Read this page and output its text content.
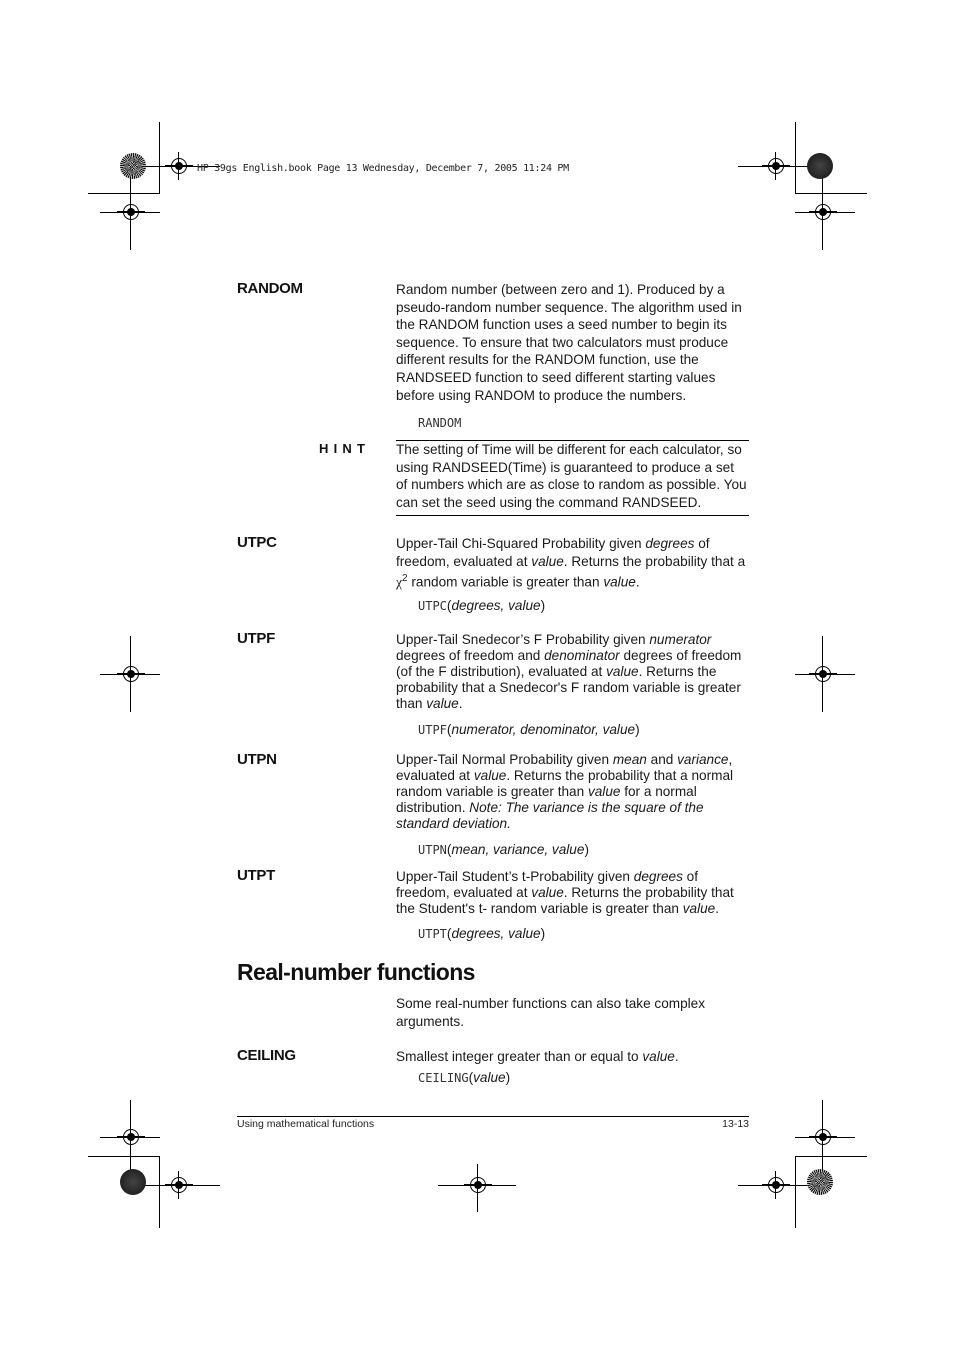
HP 39gs English.book Page 13 Wednesday, December 7, 2005 11:24 PM
RANDOM	Random number (between zero and 1). Produced by a pseudo-random number sequence. The algorithm used in the RANDOM function uses a seed number to begin its sequence. To ensure that two calculators must produce different results for the RANDOM function, use the RANDSEED function to seed different starting values before using RANDOM to produce the numbers.
RANDOM
HINT The setting of Time will be different for each calculator, so using RANDSEED(Time) is guaranteed to produce a set of numbers which are as close to random as possible. You can set the seed using the command RANDSEED.
UTPC	Upper-Tail Chi-Squared Probability given degrees of freedom, evaluated at value. Returns the probability that a $\chi^2$ random variable is greater than value.
UTPC(degrees, value)
UTPF	Upper-Tail Snedecor’s F Probability given numerator degrees of freedom and denominator degrees of freedom (of the F distribution), evaluated at value. Returns the probability that a Snedecor's F random variable is greater than value.
UTPF(numerator, denominator, value)
UTPN	Upper-Tail Normal Probability given mean and variance, evaluated at value. Returns the probability that a normal random variable is greater than value for a normal distribution. Note: The variance is the square of the standard deviation.
UTPN(mean, variance, value)
UTPT	Upper-Tail Student’s t-Probability given degrees of freedom, evaluated at value. Returns the probability that the Student's t- random variable is greater than value.
UTPT(degrees, value)
Real-number functions
Some real-number functions can also take complex arguments.
CEILING	Smallest integer greater than or equal to value.
CEILING(value)
Using mathematical functions	13-13
